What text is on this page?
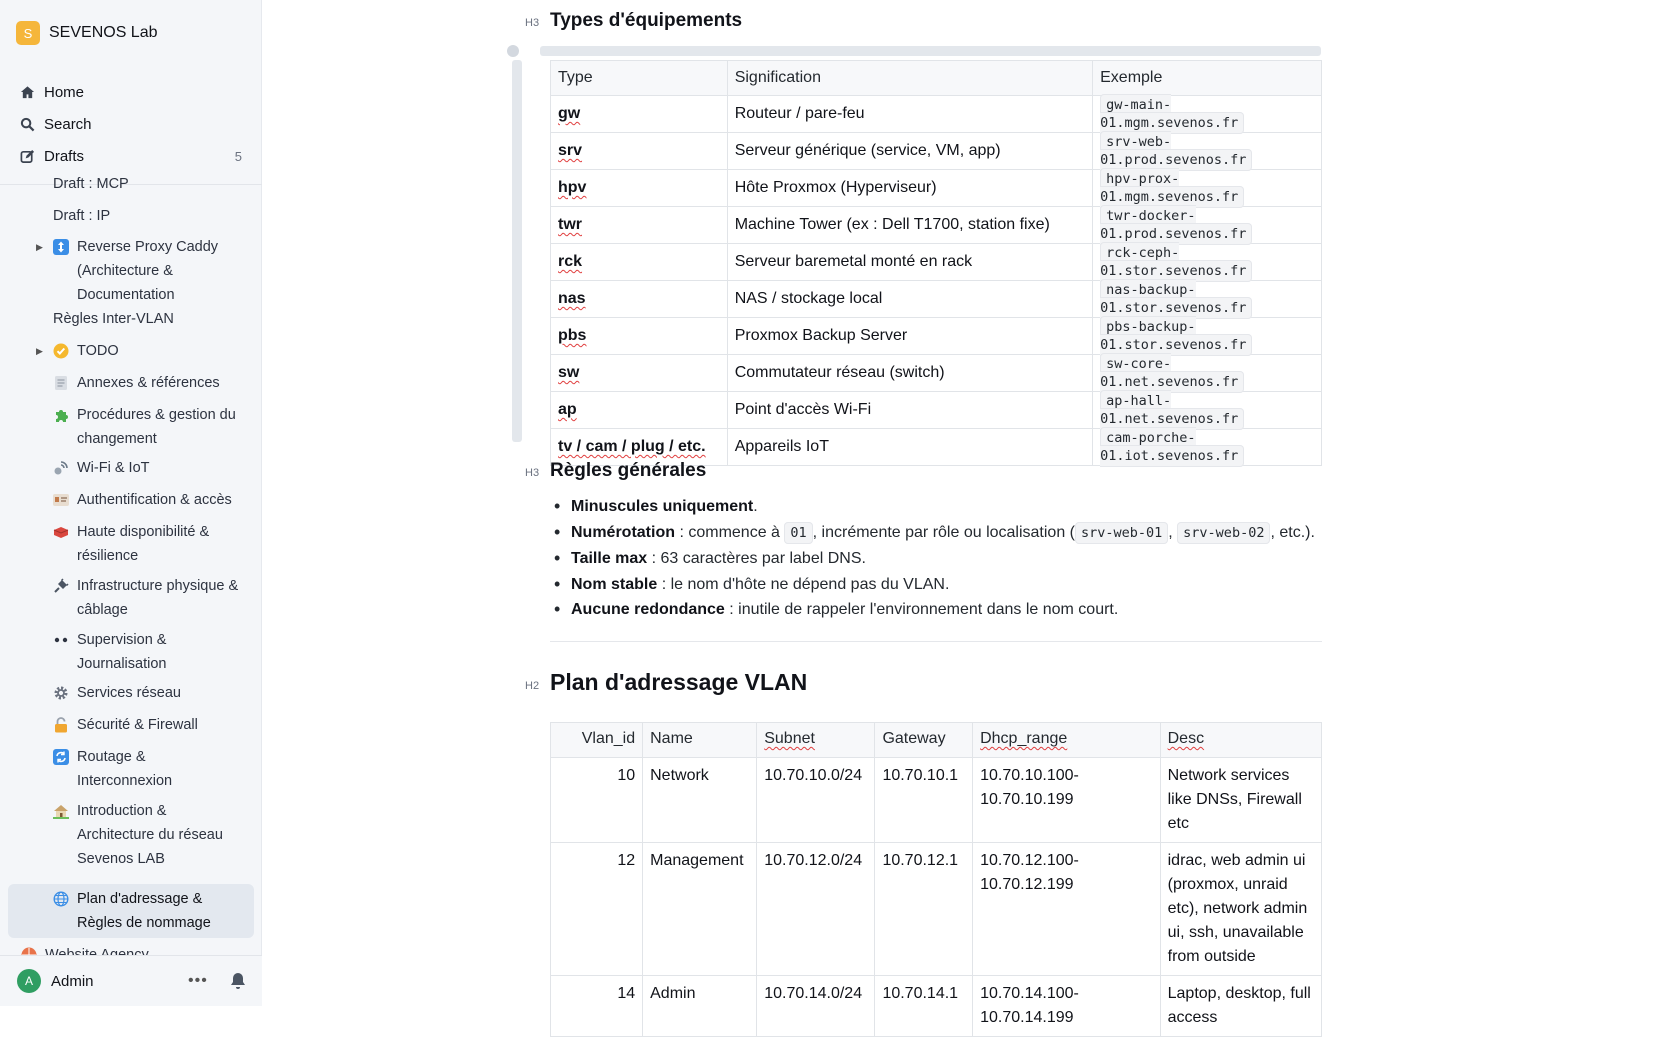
S	SEVENOS Lab
Home
Search
Drafts	5
Draft : MCP
Draft : IP
▶	Reverse Proxy Caddy (Architecture & Documentation
Règles Inter-VLAN
▶	TODO
Annexes & références
Procédures & gestion du changement
Wi-Fi & IoT
Authentification & accès
Haute disponibilité & résilience
Infrastructure physique & câblage
Supervision & Journalisation
Services réseau
Sécurité & Firewall
Routage & Interconnexion
Introduction & Architecture du réseau Sevenos LAB
Plan d'adressage & Règles de nommage
A	Admin	•••
H3 Types d'équipements
Type	Signification	Exemple
gw	Routeur / pare-feu	gw-main-01.mgm.sevenos.fr
srv	Serveur générique (service, VM, app)	srv-web-01.prod.sevenos.fr
hpv	Hôte Proxmox (Hyperviseur)	hpv-prox-01.mgm.sevenos.fr
twr	Machine Tower (ex : Dell T1700, station fixe)	twr-docker-01.prod.sevenos.fr
rck	Serveur baremetal monté en rack	rck-ceph-01.stor.sevenos.fr
nas	NAS / stockage local	nas-backup-01.stor.sevenos.fr
pbs	Proxmox Backup Server	pbs-backup-01.stor.sevenos.fr
sw	Commutateur réseau (switch)	sw-core-01.net.sevenos.fr
ap	Point d'accès Wi-Fi	ap-hall-01.net.sevenos.fr
tv / cam / plug / etc.	Appareils IoT	cam-porche-01.iot.sevenos.fr
H3 Règles générales
• Minuscules uniquement.
• Numérotation : commence à 01 , incrémente par rôle ou localisation ( srv-web-01 , srv-web-02 , etc.).
• Taille max : 63 caractères par label DNS.
• Nom stable : le nom d'hôte ne dépend pas du VLAN.
• Aucune redondance : inutile de rappeler l'environnement dans le nom court.
H2 Plan d'adressage VLAN
Vlan_id	Name	Subnet	Gateway	Dhcp_range	Desc
10	Network	10.70.10.0/24	10.70.10.1	10.70.10.100-10.70.10.199	Network services like DNSs, Firewall etc
12	Management	10.70.12.0/24	10.70.12.1	10.70.12.100-10.70.12.199	idrac, web admin ui (proxmox, unraid etc), network admin ui, ssh, unavailable from outside
14	Admin	10.70.14.0/24	10.70.14.1	10.70.14.100-10.70.14.199	Laptop, desktop, full access
